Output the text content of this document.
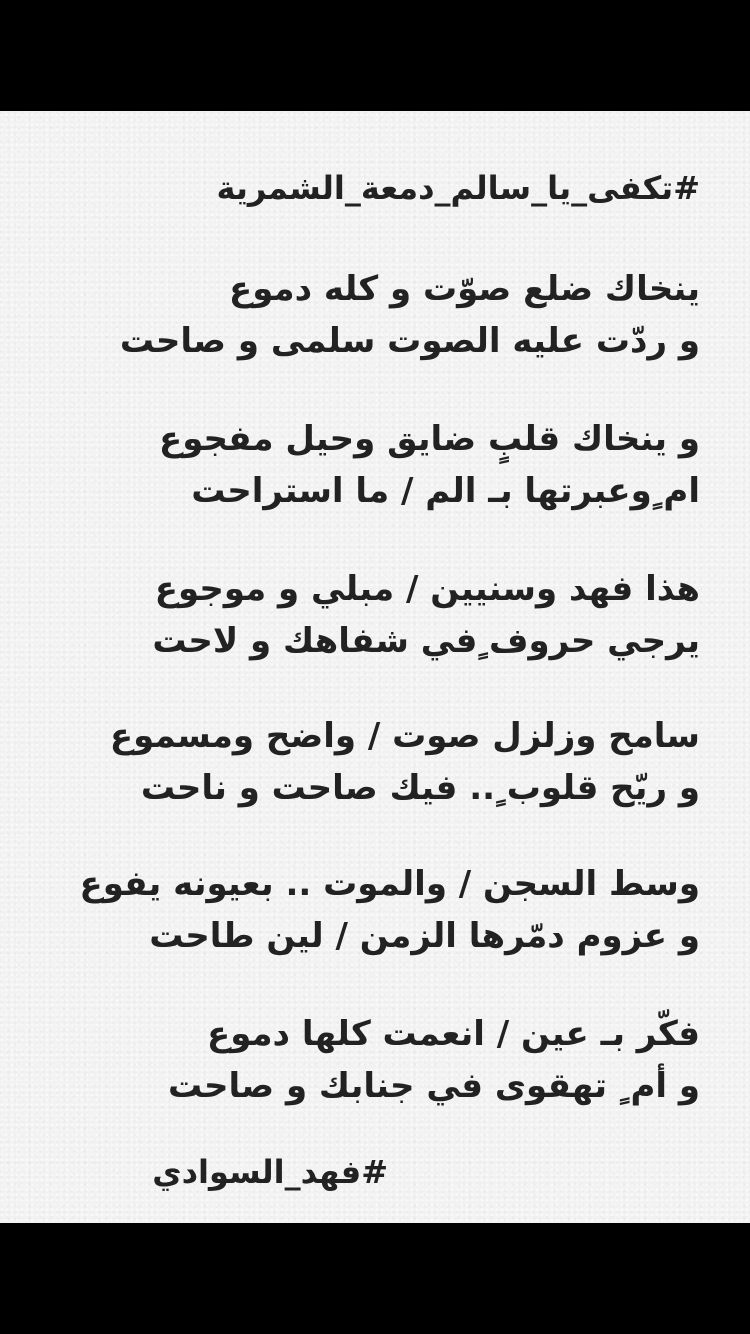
#تكفى_يا_سالم_دمعة_الشمرية
ينخاك ضلع صوّت و كله دموع
و ردّت عليه الصوت سلمى و صاحت
و ينخاك قلبٍ ضايق وحيل مفجوع
ام ٍوعبرتها بـ الم / ما استراحت
هذا فهد وسنيين / مبلي و موجوع
يرجي حروف ٍفي شفاهك و لاحت
سامح وزلزل صوت / واضح ومسموع
و ريّح قلوب ٍ.. فيك صاحت و ناحت
وسط السجن / والموت .. بعيونه يفوع
و عزوم دمّرها الزمن / لين طاحت
فكّر بـ عين / انعمت كلها دموع
و أم ٍ تهقوى في جنابك و صاحت
#فهد_السوادي
